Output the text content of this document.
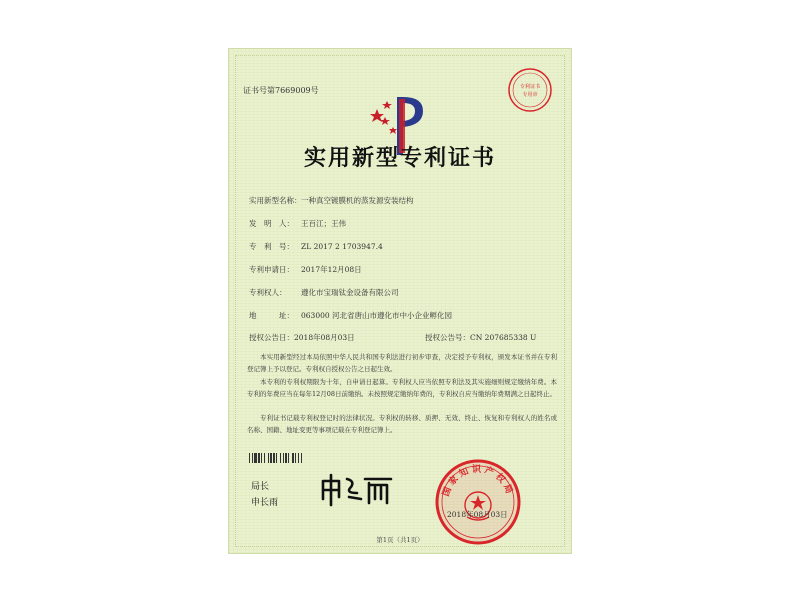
证书号第7669009号	专利证书
专用章
实用新型专利证书
实用新型名称：一种真空镀膜机的蒸发源安装结构
发　明　人： 王百江；王伟
专　利　号： ZL 2017 2 1703947.4
专利申请日： 2017年12月08日
专利权人： 遵化市宝瑞钛金设备有限公司
地　　　址： 063000 河北省唐山市遵化市中小企业孵化园
授权公告日：2018年08月03日	授权公告号：CN 207685338 U
本实用新型经过本局依照中华人民共和国专利法进行初步审查，决定授予专利权，颁发本证书并在专利登记簿上予以登记。专利权自授权公告之日起生效。
本专利的专利权期限为十年，自申请日起算。专利权人应当依照专利法及其实施细则规定缴纳年费。本专利的年费应当在每年12月08日前缴纳。未按照规定缴纳年费的，专利权自应当缴纳年费期满之日起终止。
专利证书记载专利权登记时的法律状况。专利权的转移、质押、无效、终止、恢复和专利权人的姓名或名称、国籍、地址变更等事项记载在专利登记簿上。
局长
申长雨
国家知识产权局
2018年08月03日
第1页（共1页）
